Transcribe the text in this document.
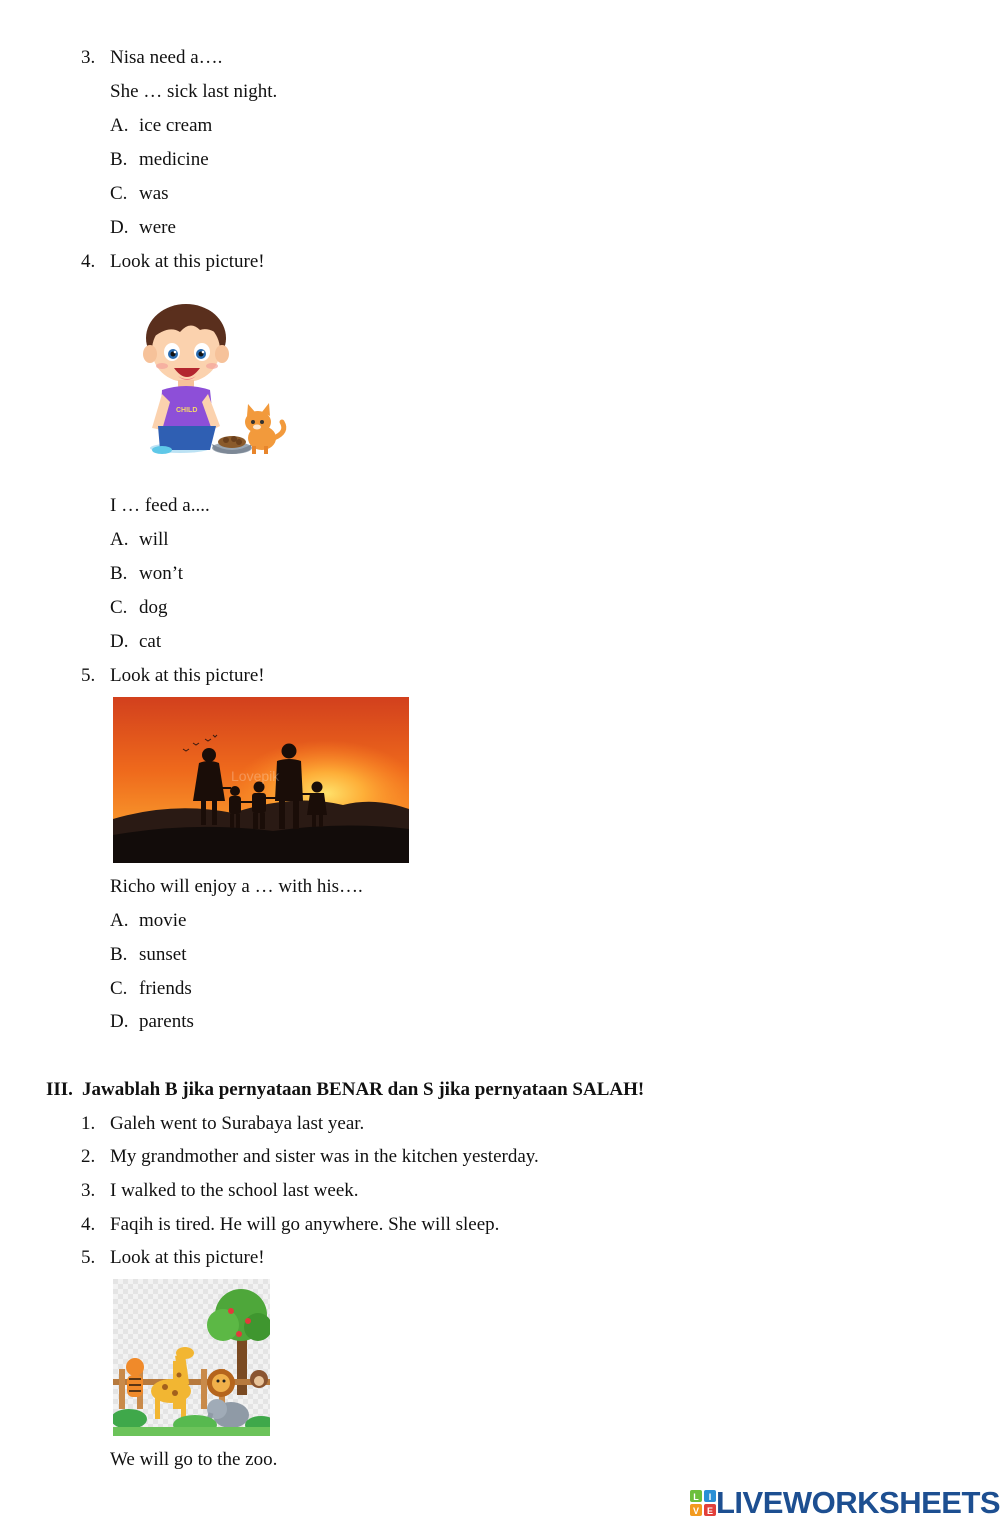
3. Nisa need a….
She … sick last night.
A. ice cream
B. medicine
C. was
D. were
4. Look at this picture!
CHILD
I … feed a....
A. will
B. won’t
C. dog
D. cat
5. Look at this picture!
Lovepik
Richo will enjoy a … with his….
A. movie
B. sunset
C. friends
D. parents
III. Jawablah B jika pernyataan BENAR dan S jika pernyataan SALAH!
1. Galeh went to Surabaya last year.
2. My grandmother and sister was in the kitchen yesterday.
3. I walked to the school last week.
4. Faqih is tired. He will go anywhere. She will sleep.
5. Look at this picture!
We will go to the zoo.
L I
V E LIVEWORKSHEETS
